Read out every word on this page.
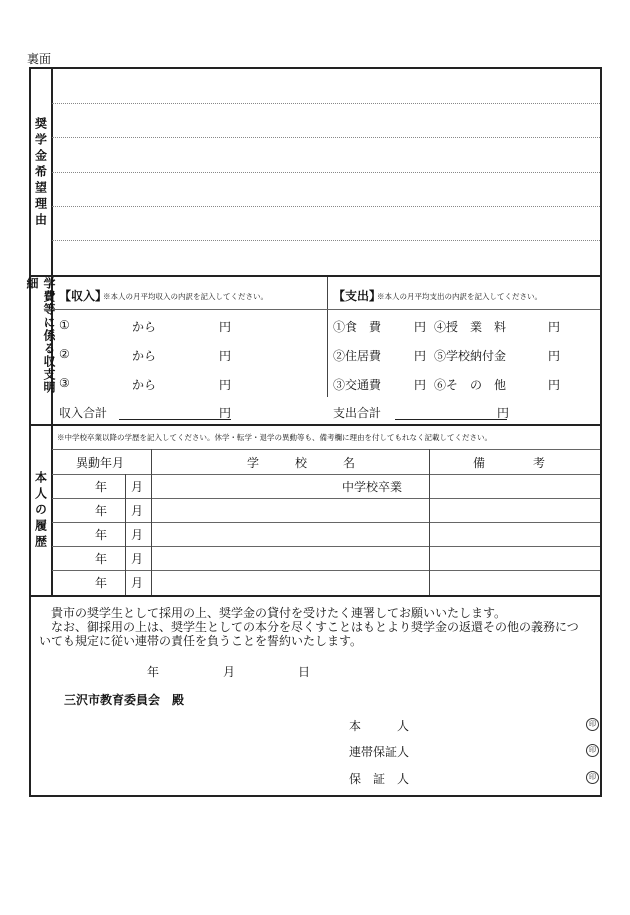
裏面
奨学金希望理由
学費等に係る収支明細
【収入】
※本人の月平均収入の内訳を記入してください。
①	から	円
②	から	円
③	から	円
収入合計	円
【支出】
※本人の月平均支出の内訳を記入してください。
①食　費	円 ④授　業　料	円
②住居費	円 ⑤学校納付金	円
③交通費	円 ⑥そ　の　他	円
支出合計	円
本人の履歴
※中学校卒業以降の学歴を記入してください。休学・転学・退学の異動等も、備考欄に理由を付してもれなく記載してください。
異動年月	学　　　校　　　名	備　　　　考
年 月	中学校卒業
年 月
年 月
年 月
年 月
　貴市の奨学生として採用の上、奨学金の貸付を受けたく連署してお願いいたします。
　なお、御採用の上は、奨学生としての本分を尽くすことはもとより奨学金の返還その他の義務につ
いても規定に従い連帯の責任を負うことを誓約いたします。
年	月	日
三沢市教育委員会　殿
本　　　人	印
連帯保証人	印
保　証　人	印
